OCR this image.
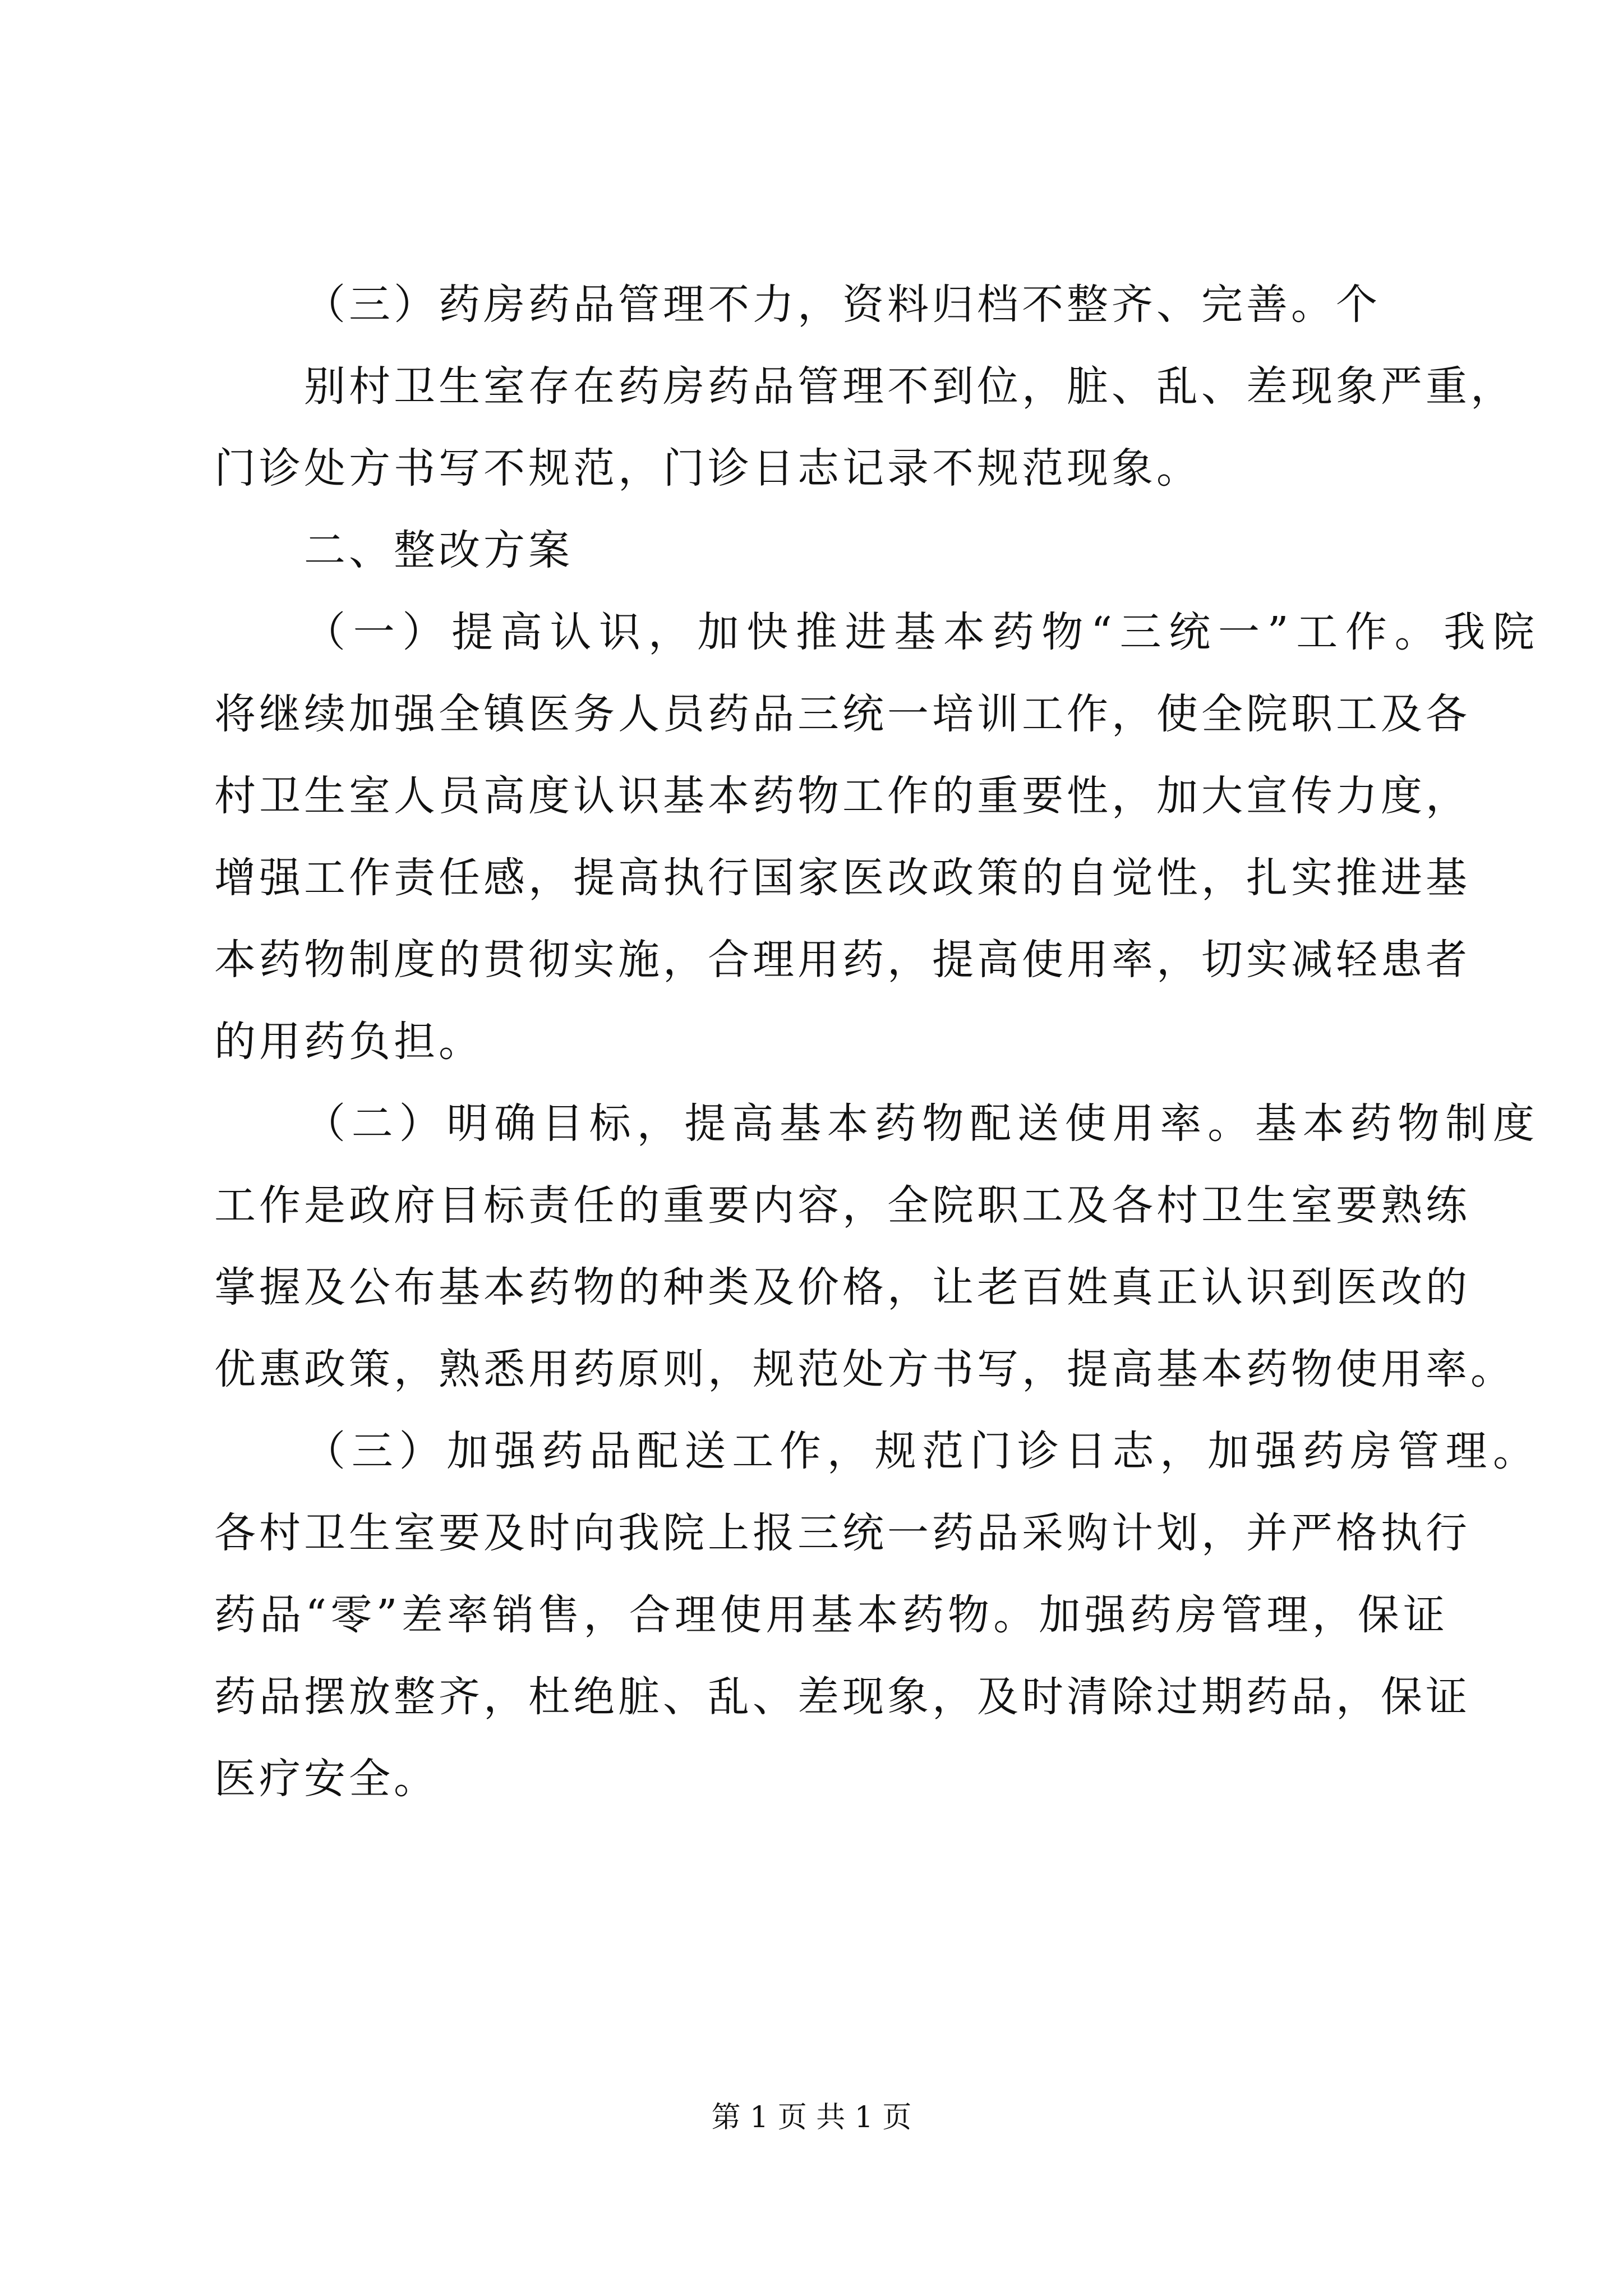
（三）药房药品管理不力，资料归档不整齐、完善。个
别村卫生室存在药房药品管理不到位，脏、乱、差现象严重，
门诊处方书写不规范，门诊日志记录不规范现象。
二、整改方案
（一）提高认识，加快推进基本药物“三统一”工作。我院
将继续加强全镇医务人员药品三统一培训工作，使全院职工及各
村卫生室人员高度认识基本药物工作的重要性，加大宣传力度，
增强工作责任感，提高执行国家医改政策的自觉性，扎实推进基
本药物制度的贯彻实施，合理用药，提高使用率，切实减轻患者
的用药负担。
（二）明确目标，提高基本药物配送使用率。基本药物制度
工作是政府目标责任的重要内容，全院职工及各村卫生室要熟练
掌握及公布基本药物的种类及价格，让老百姓真正认识到医改的
优惠政策，熟悉用药原则，规范处方书写，提高基本药物使用率。
（三）加强药品配送工作，规范门诊日志，加强药房管理。
各村卫生室要及时向我院上报三统一药品采购计划，并严格执行
药品“零”差率销售，合理使用基本药物。加强药房管理，保证
药品摆放整齐，杜绝脏、乱、差现象，及时清除过期药品，保证
医疗安全。
第 1 页 共 1 页
